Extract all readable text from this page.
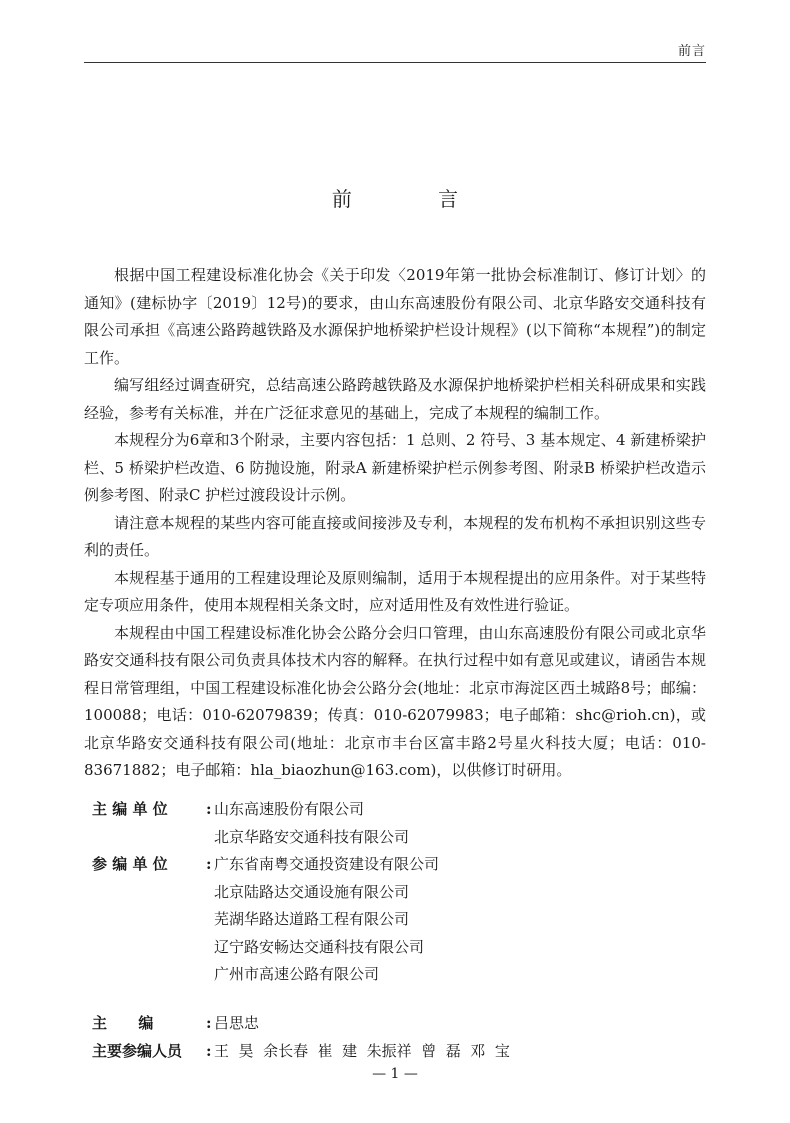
前言
前 言

根据中国工程建设标准化协会《关于印发〈2019年第一批协会标准制订、修订计划〉的通知》(建标协字〔2019〕12号)的要求，由山东高速股份有限公司、北京华路安交通科技有限公司承担《高速公路跨越铁路及水源保护地桥梁护栏设计规程》(以下简称“本规程”)的制定工作。

编写组经过调查研究，总结高速公路跨越铁路及水源保护地桥梁护栏相关科研成果和实践经验，参考有关标准，并在广泛征求意见的基础上，完成了本规程的编制工作。

本规程分为6章和3个附录，主要内容包括：1 总则、2 符号、3 基本规定、4 新建桥梁护栏、5 桥梁护栏改造、6 防抛设施，附录A 新建桥梁护栏示例参考图、附录B 桥梁护栏改造示例参考图、附录C 护栏过渡段设计示例。

请注意本规程的某些内容可能直接或间接涉及专利，本规程的发布机构不承担识别这些专利的责任。

本规程基于通用的工程建设理论及原则编制，适用于本规程提出的应用条件。对于某些特定专项应用条件，使用本规程相关条文时，应对适用性及有效性进行验证。

本规程由中国工程建设标准化协会公路分会归口管理，由山东高速股份有限公司或北京华路安交通科技有限公司负责具体技术内容的解释。在执行过程中如有意见或建议，请函告本规程日常管理组，中国工程建设标准化协会公路分会(地址：北京市海淀区西土城路8号；邮编：100088；电话：010-62079839；传真：010-62079983；电子邮箱：shc@rioh.cn)，或北京华路安交通科技有限公司(地址：北京市丰台区富丰路2号星火科技大厦；电话：010-83671882；电子邮箱：hla_biaozhun@163.com)，以供修订时研用。

主 编 单 位	: 山东高速股份有限公司
北京华路安交通科技有限公司
参 编 单 位	: 广东省南粤交通投资建设有限公司
北京陆路达交通设施有限公司
芜湖华路达道路工程有限公司
辽宁路安畅达交通科技有限公司
广州市高速公路有限公司
主      编	: 吕思忠
主要参编人员	: 王  昊  余长春  崔  建  朱振祥  曾  磊  邓  宝
— 1 —
